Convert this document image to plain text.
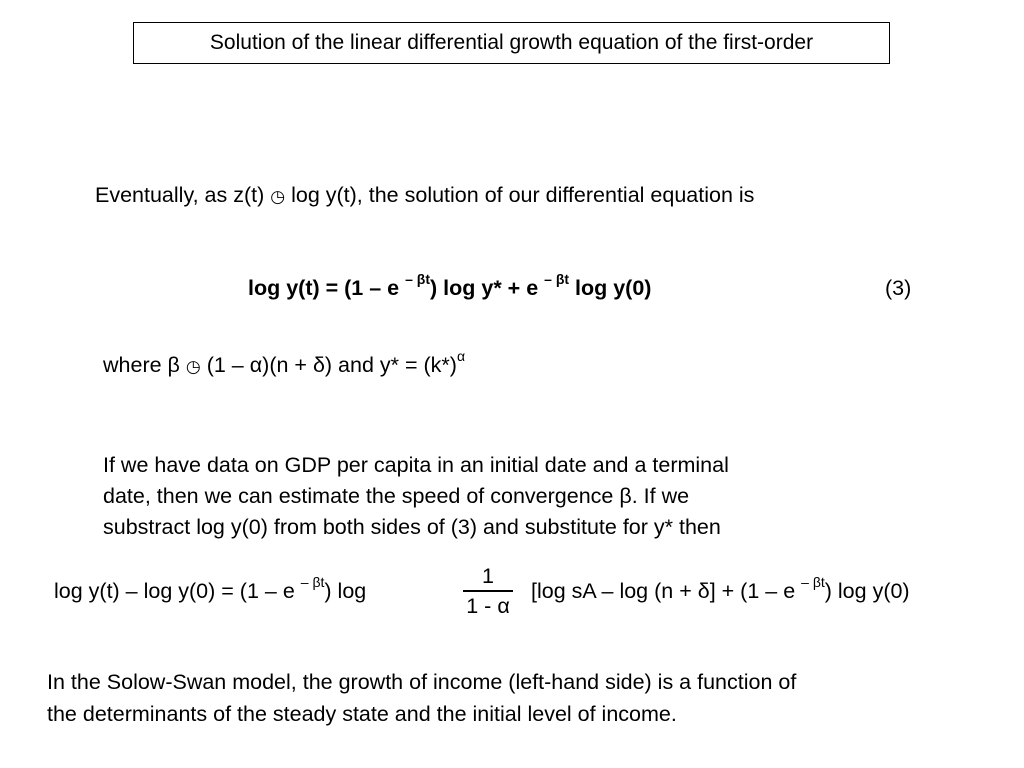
Solution of the linear differential growth equation of the first-order
Eventually, as z(t) ◷ log y(t), the solution of our differential equation is
log y(t) = (1 – e $^{- \beta t}$) log y* + e $^{- \beta t}$ log y(0)	(3)
where β ◷ (1 – α)(n + δ) and $y* = (k*)^\alpha$
If we have data on GDP per capita in an initial date and a terminal
date, then we can estimate the speed of convergence β. If we
substract log y(0) from both sides of (3) and substitute for y* then
log y(t) – log y(0) = (1 – e $^{- \beta t}$) log
1
1 - α
[log sA – log (n + δ] + (1 – e $^{- \beta t}$) log y(0)
In the Solow-Swan model, the growth of income (left-hand side) is a function of
the determinants of the steady state and the initial level of income.
